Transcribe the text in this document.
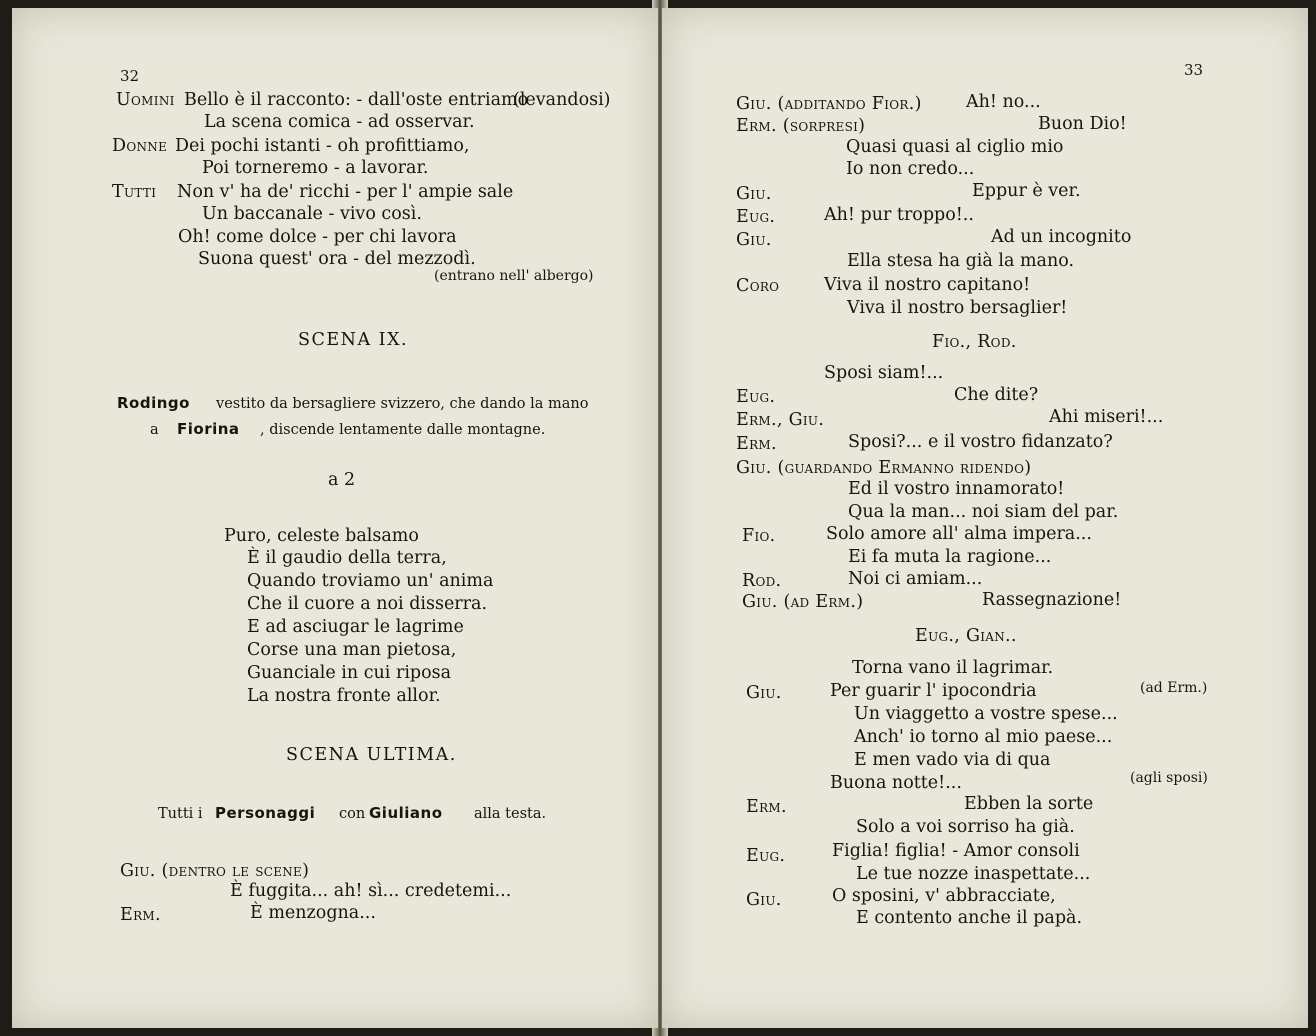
32
Uomini Bello è il racconto: - dall'oste entriamo
(levandosi)
La scena comica - ad osservar.
Donne Dei pochi istanti - oh profittiamo,
Poi torneremo - a lavorar.
Tutti Non v' ha de' ricchi - per l' ampie sale
Un baccanale - vivo così.
Oh! come dolce - per chi lavora
Suona quest' ora - del mezzodì.
(entrano nell' albergo)
SCENA IX.
Rodingo vestito da bersagliere svizzero, che dando la mano
a Fiorina , discende lentamente dalle montagne.
a 2
Puro, celeste balsamo
È il gaudio della terra,
Quando troviamo un' anima
Che il cuore a noi disserra.
E ad asciugar le lagrime
Corse una man pietosa,
Guanciale in cui riposa
La nostra fronte allor.
SCENA ULTIMA.
Tutti i Personaggi con Giuliano alla testa.
Giu. (dentro le scene)
È fuggita... ah! sì... credetemi...
Erm.	È menzogna...
33
Giu. (additando Fior.)	Ah! no...
Erm. (sorpresi)	Buon Dio!
Quasi quasi al ciglio mio
Io non credo...
Giu.	Eppur è ver.
Eug.	Ah! pur troppo!..
Giu.	Ad un incognito
Ella stesa ha già la mano.
Coro	Viva il nostro capitano!
Viva il nostro bersaglier!
Fio., Rod.
Sposi siam!...
Eug.	Che dite?
Erm., Giu.	Ahi miseri!...
Erm.	Sposi?... e il vostro fidanzato?
Giu. (guardando Ermanno ridendo)
Ed il vostro innamorato!
Qua la man... noi siam del par.
Fio.	Solo amore all' alma impera...
Ei fa muta la ragione...
Rod.	Noi ci amiam...
Giu. (ad Erm.)	Rassegnazione!
Eug., Gian..
Torna vano il lagrimar.
Giu.	Per guarir l' ipocondria	(ad Erm.)
Un viaggetto a vostre spese...
Anch' io torno al mio paese...
E men vado via di qua
Buona notte!...	(agli sposi)
Erm.	Ebben la sorte
Solo a voi sorriso ha già.
Eug.	Figlia! figlia! - Amor consoli
Le tue nozze inaspettate...
Giu.	O sposini, v' abbracciate,
E contento anche il papà.
